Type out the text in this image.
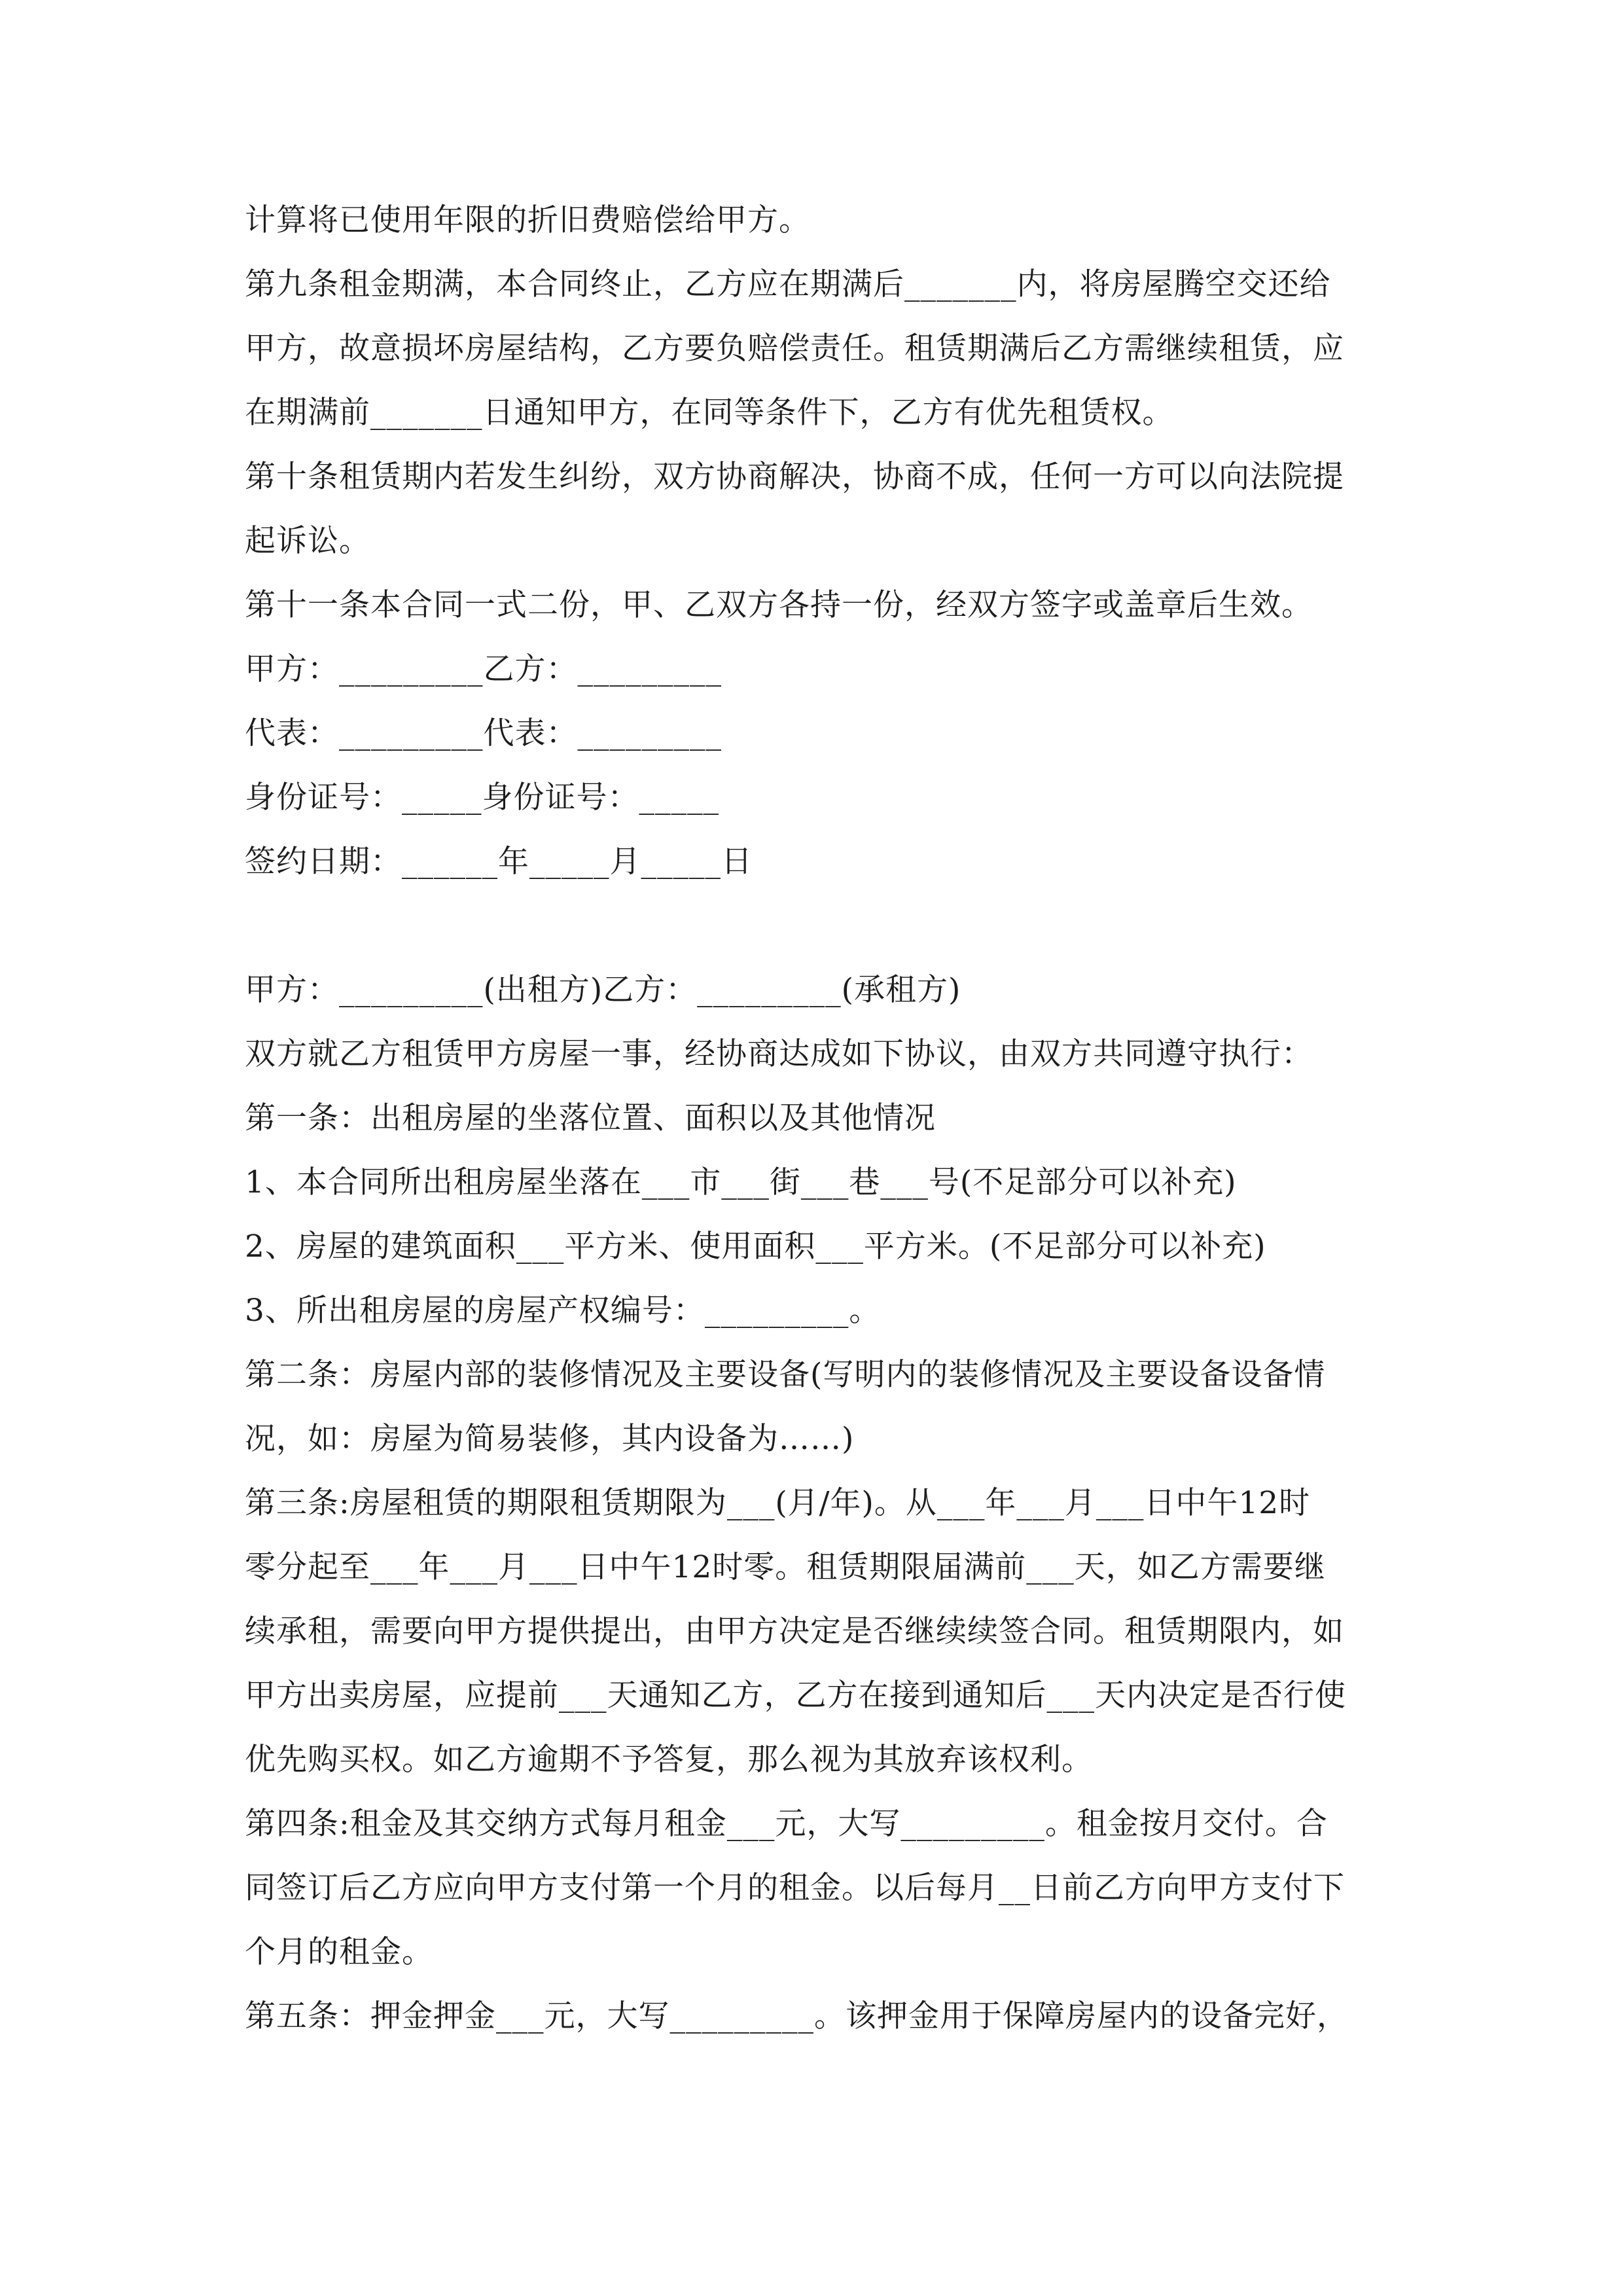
计算将已使用年限的折旧费赔偿给甲方。
第九条租金期满，本合同终止，乙方应在期满后_______内，将房屋腾空交还给
甲方，故意损坏房屋结构，乙方要负赔偿责任。租赁期满后乙方需继续租赁，应
在期满前_______日通知甲方，在同等条件下，乙方有优先租赁权。
第十条租赁期内若发生纠纷，双方协商解决，协商不成，任何一方可以向法院提
起诉讼。
第十一条本合同一式二份，甲、乙双方各持一份，经双方签字或盖章后生效。
甲方：_________乙方：_________
代表：_________代表：_________
身份证号：_____身份证号：_____
签约日期：______年_____月_____日
甲方：_________(出租方)乙方：_________(承租方)
双方就乙方租赁甲方房屋一事，经协商达成如下协议，由双方共同遵守执行：
第一条：出租房屋的坐落位置、面积以及其他情况
1、本合同所出租房屋坐落在___市___街___巷___号(不足部分可以补充)
2、房屋的建筑面积___平方米、使用面积___平方米。(不足部分可以补充)
3、所出租房屋的房屋产权编号：_________。
第二条：房屋内部的装修情况及主要设备(写明内的装修情况及主要设备设备情
况，如：房屋为简易装修，其内设备为……)
第三条:房屋租赁的期限租赁期限为___(月/年)。从___年___月___日中午12时
零分起至___年___月___日中午12时零。租赁期限届满前___天，如乙方需要继
续承租，需要向甲方提供提出，由甲方决定是否继续续签合同。租赁期限内，如
甲方出卖房屋，应提前___天通知乙方，乙方在接到通知后___天内决定是否行使
优先购买权。如乙方逾期不予答复，那么视为其放弃该权利。
第四条:租金及其交纳方式每月租金___元，大写_________。租金按月交付。合
同签订后乙方应向甲方支付第一个月的租金。以后每月__日前乙方向甲方支付下
个月的租金。
第五条：押金押金___元，大写_________。该押金用于保障房屋内的设备完好，
